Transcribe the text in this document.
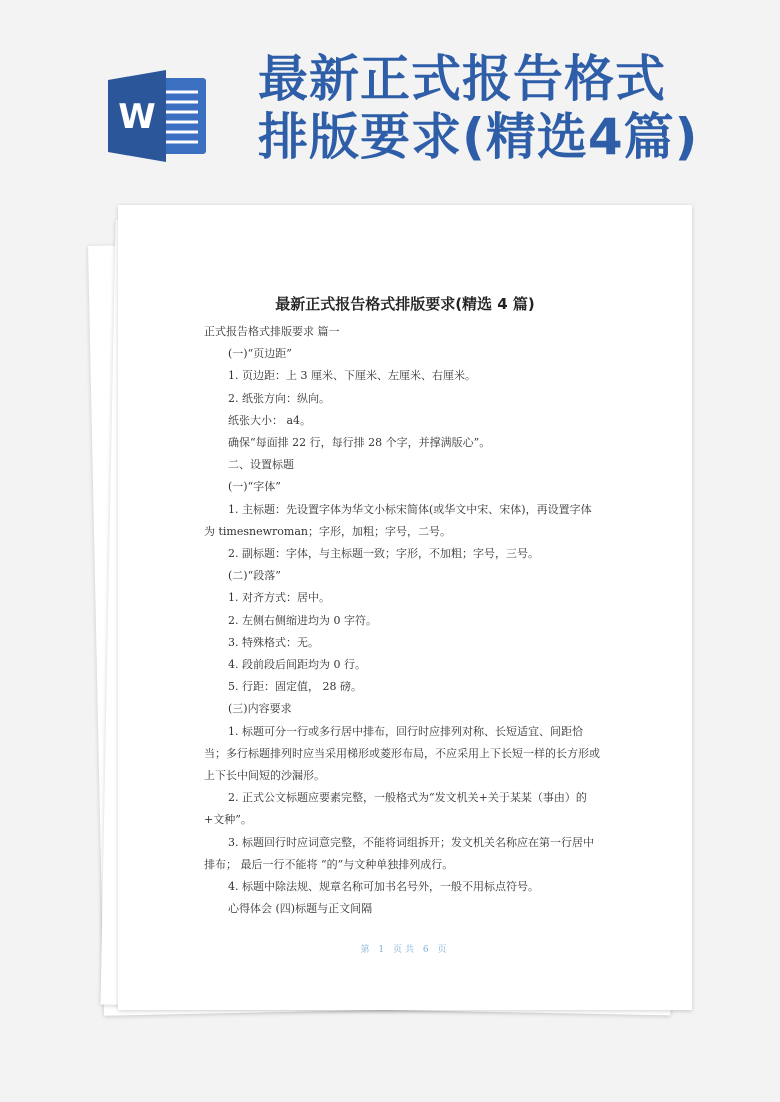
W
最新正式报告格式
排版要求(精选4篇)
最新正式报告格式排版要求(精选 4 篇)

正式报告格式排版要求 篇一

(一)“页边距”

1. 页边距：上 3 厘米、下厘米、左厘米、右厘米。

2. 纸张方向：纵向。

纸张大小： a4。

确保“每面排 22 行，每行排 28 个字，并撑满版心”。

二、设置标题

(一)“字体”

1. 主标题：先设置字体为华文小标宋简体(或华文中宋、宋体)，再设置字体为 timesnewroman；字形，加粗；字号，二号。

2. 副标题：字体，与主标题一致；字形，不加粗；字号，三号。

(二)“段落”

1. 对齐方式：居中。

2. 左侧右侧缩进均为 0 字符。

3. 特殊格式：无。

4. 段前段后间距均为 0 行。

5. 行距：固定值， 28 磅。

(三)内容要求

1. 标题可分一行或多行居中排布，回行时应排列对称、长短适宜、间距恰当；多行标题排列时应当采用梯形或菱形布局，不应采用上下长短一样的长方形或上下长中间短的沙漏形。

2. 正式公文标题应要素完整，一般格式为“发文机关+关于某某（事由）的+文种”。

3. 标题回行时应词意完整，不能将词组拆开；发文机关名称应在第一行居中排布； 最后一行不能将 “的”与文种单独排列成行。

4. 标题中除法规、规章名称可加书名号外，一般不用标点符号。

心得体会 (四)标题与正文间隔

第 1 页共 6 页
